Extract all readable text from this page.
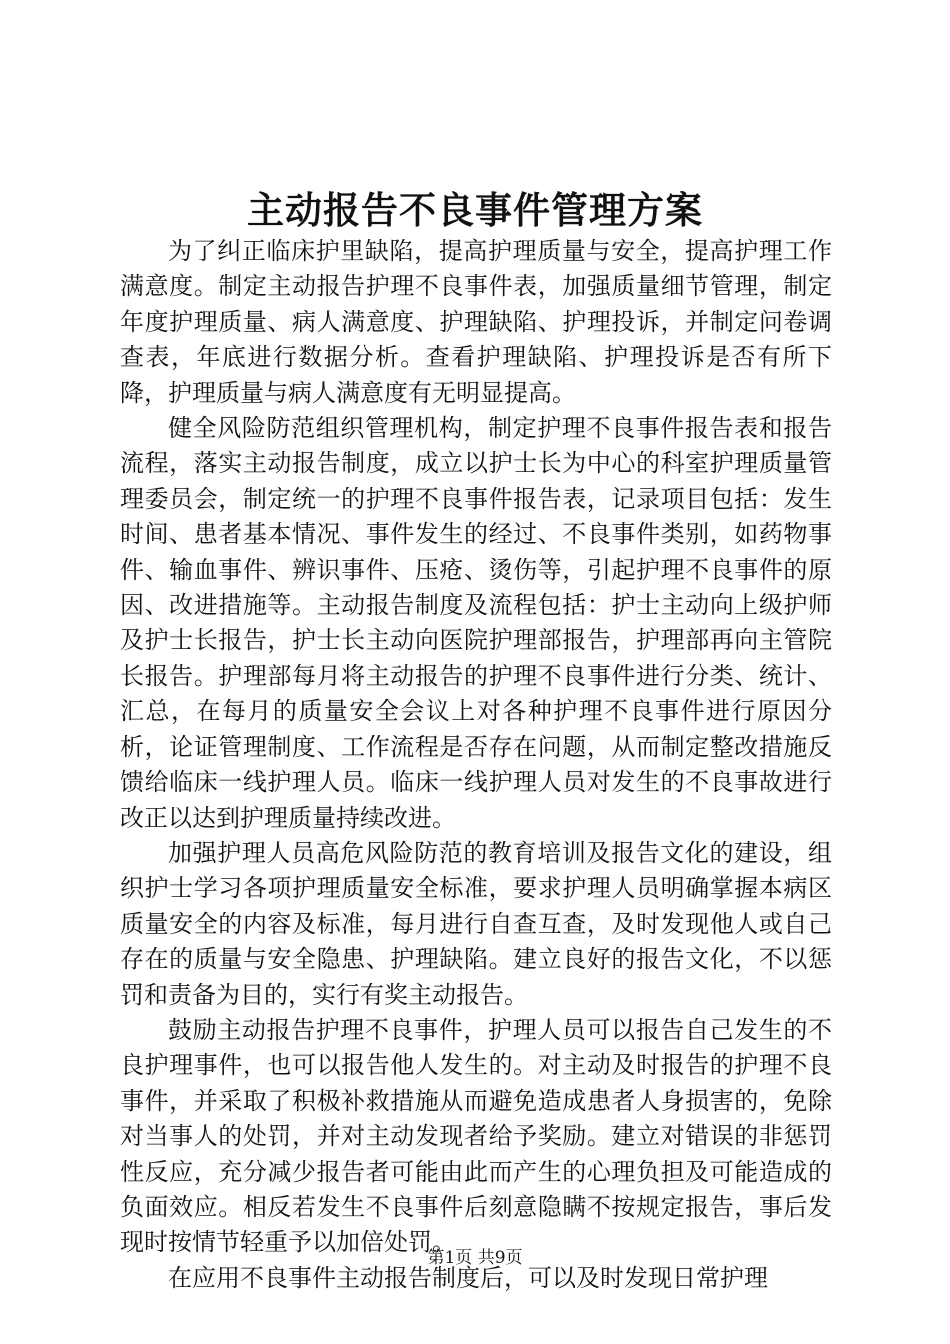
主动报告不良事件管理方案

为了纠正临床护里缺陷，提高护理质量与安全，提高护理工作满意度。制定主动报告护理不良事件表，加强质量细节管理，制定年度护理质量、病人满意度、护理缺陷、护理投诉，并制定问卷调查表，年底进行数据分析。查看护理缺陷、护理投诉是否有所下降，护理质量与病人满意度有无明显提高。

健全风险防范组织管理机构，制定护理不良事件报告表和报告流程，落实主动报告制度，成立以护士长为中心的科室护理质量管理委员会，制定统一的护理不良事件报告表，记录项目包括：发生时间、患者基本情况、事件发生的经过、不良事件类别，如药物事件、输血事件、辨识事件、压疮、烫伤等，引起护理不良事件的原因、改进措施等。主动报告制度及流程包括：护士主动向上级护师及护士长报告，护士长主动向医院护理部报告，护理部再向主管院长报告。护理部每月将主动报告的护理不良事件进行分类、统计、汇总，在每月的质量安全会议上对各种护理不良事件进行原因分析，论证管理制度、工作流程是否存在问题，从而制定整改措施反馈给临床一线护理人员。临床一线护理人员对发生的不良事故进行改正以达到护理质量持续改进。

加强护理人员高危风险防范的教育培训及报告文化的建设，组织护士学习各项护理质量安全标准，要求护理人员明确掌握本病区质量安全的内容及标准，每月进行自查互查，及时发现他人或自己存在的质量与安全隐患、护理缺陷。建立良好的报告文化，不以惩罚和责备为目的，实行有奖主动报告。

鼓励主动报告护理不良事件，护理人员可以报告自己发生的不良护理事件，也可以报告他人发生的。对主动及时报告的护理不良事件，并采取了积极补救措施从而避免造成患者人身损害的，免除对当事人的处罚，并对主动发现者给予奖励。建立对错误的非惩罚性反应，充分减少报告者可能由此而产生的心理负担及可能造成的负面效应。相反若发生不良事件后刻意隐瞒不按规定报告，事后发现时按情节轻重予以加倍处罚。

在应用不良事件主动报告制度后，可以及时发现日常护理

第1页 共9页
